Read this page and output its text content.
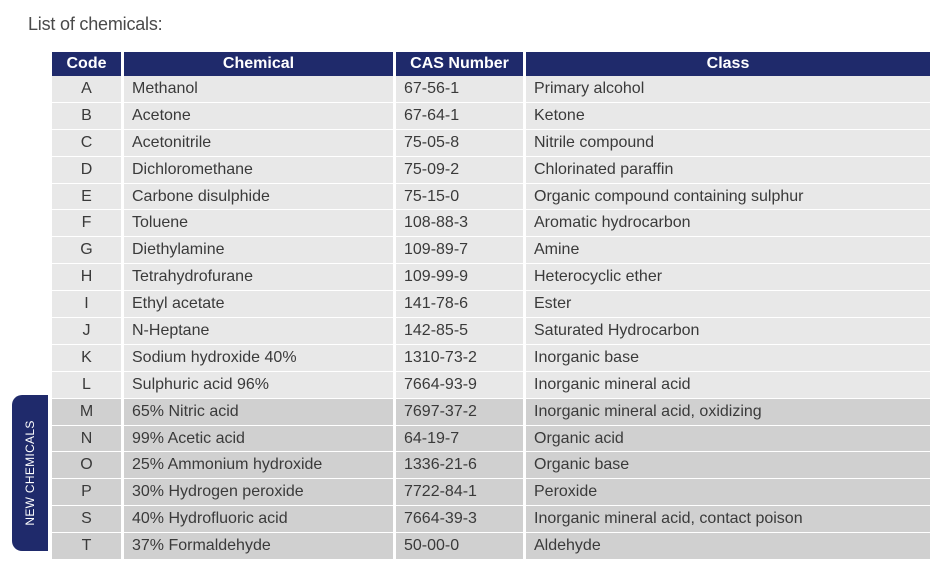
List of chemicals:
Code	Chemical	CAS Number	Class
A	Methanol	67-56-1	Primary alcohol
B	Acetone	67-64-1	Ketone
C	Acetonitrile	75-05-8	Nitrile compound
D	Dichloromethane	75-09-2	Chlorinated paraffin
E	Carbone disulphide	75-15-0	Organic compound containing sulphur
F	Toluene	108-88-3	Aromatic hydrocarbon
G	Diethylamine	109-89-7	Amine
H	Tetrahydrofurane	109-99-9	Heterocyclic ether
I	Ethyl acetate	141-78-6	Ester
J	N-Heptane	142-85-5	Saturated Hydrocarbon
K	Sodium hydroxide 40%	1310-73-2	Inorganic base
L	Sulphuric acid 96%	7664-93-9	Inorganic mineral acid
M	65% Nitric acid	7697-37-2	Inorganic mineral acid, oxidizing
N	99% Acetic acid	64-19-7	Organic acid
O	25% Ammonium hydroxide	1336-21-6	Organic base
P	30% Hydrogen peroxide	7722-84-1	Peroxide
S	40% Hydrofluoric acid	7664-39-3	Inorganic mineral acid, contact poison
T	37% Formaldehyde	50-00-0	Aldehyde
NEW CHEMICALS
